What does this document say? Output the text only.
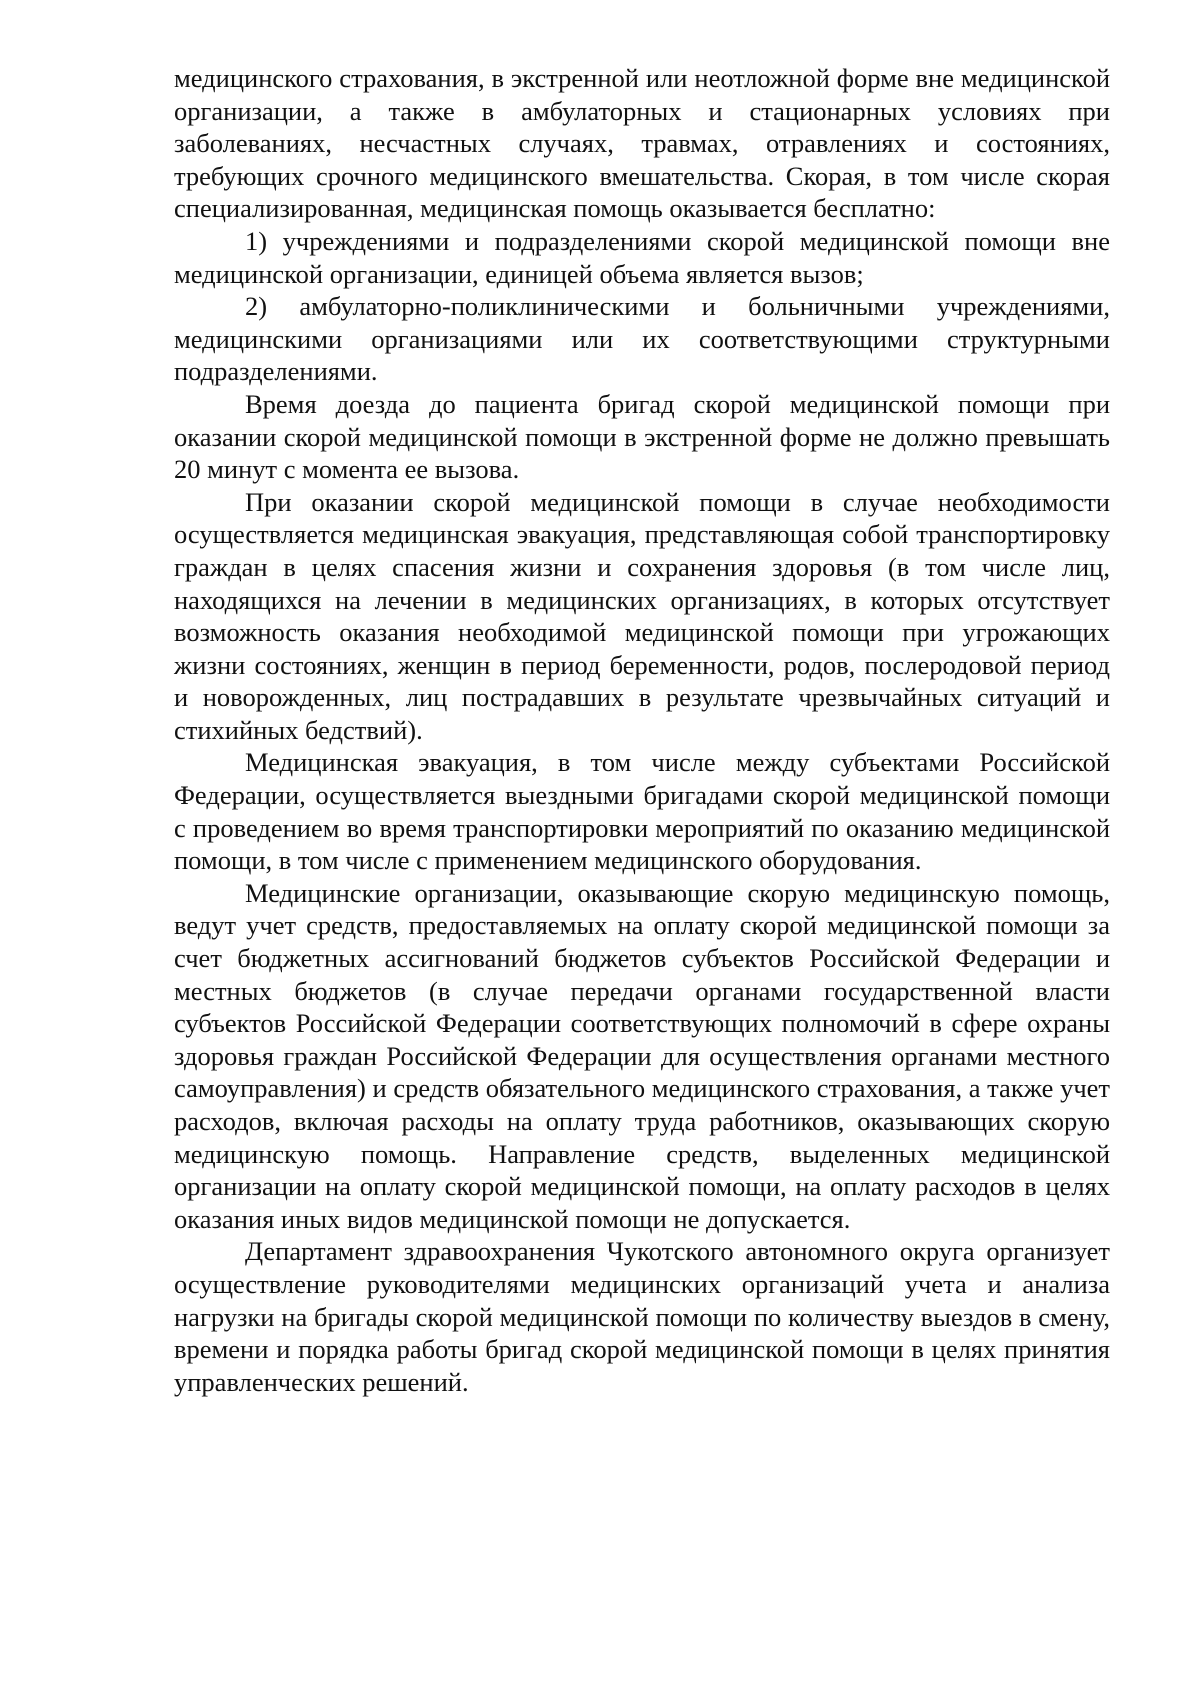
медицинского страхования, в экстренной или неотложной форме вне медицинской организации, а также в амбулаторных и стационарных условиях при заболеваниях, несчастных случаях, травмах, отравлениях и состояниях, требующих срочного медицинского вмешательства. Скорая, в том числе скорая специализированная, медицинская помощь оказывается бесплатно:

1) учреждениями и подразделениями скорой медицинской помощи вне медицинской организации, единицей объема является вызов;

2) амбулаторно-поликлиническими и больничными учреждениями, медицинскими организациями или их соответствующими структурными подразделениями.

Время доезда до пациента бригад скорой медицинской помощи при оказании скорой медицинской помощи в экстренной форме не должно превышать 20 минут с момента ее вызова.

При оказании скорой медицинской помощи в случае необходимости осуществляется медицинская эвакуация, представляющая собой транспортировку граждан в целях спасения жизни и сохранения здоровья (в том числе лиц, находящихся на лечении в медицинских организациях, в которых отсутствует возможность оказания необходимой медицинской помощи при угрожающих жизни состояниях, женщин в период беременности, родов, послеродовой период и новорожденных, лиц пострадавших в результате чрезвычайных ситуаций и стихийных бедствий).

Медицинская эвакуация, в том числе между субъектами Российской Федерации, осуществляется выездными бригадами скорой медицинской помощи с проведением во время транспортировки мероприятий по оказанию медицинской помощи, в том числе с применением медицинского оборудования.

Медицинские организации, оказывающие скорую медицинскую помощь, ведут учет средств, предоставляемых на оплату скорой медицинской помощи за счет бюджетных ассигнований бюджетов субъектов Российской Федерации и местных бюджетов (в случае передачи органами государственной власти субъектов Российской Федерации соответствующих полномочий в сфере охраны здоровья граждан Российской Федерации для осуществления органами местного самоуправления) и средств обязательного медицинского страхования, а также учет расходов, включая расходы на оплату труда работников, оказывающих скорую медицинскую помощь. Направление средств, выделенных медицинской организации на оплату скорой медицинской помощи, на оплату расходов в целях оказания иных видов медицинской помощи не допускается.

Департамент здравоохранения Чукотского автономного округа организует осуществление руководителями медицинских организаций учета и анализа нагрузки на бригады скорой медицинской помощи по количеству выездов в смену, времени и порядка работы бригад скорой медицинской помощи в целях принятия управленческих решений.
